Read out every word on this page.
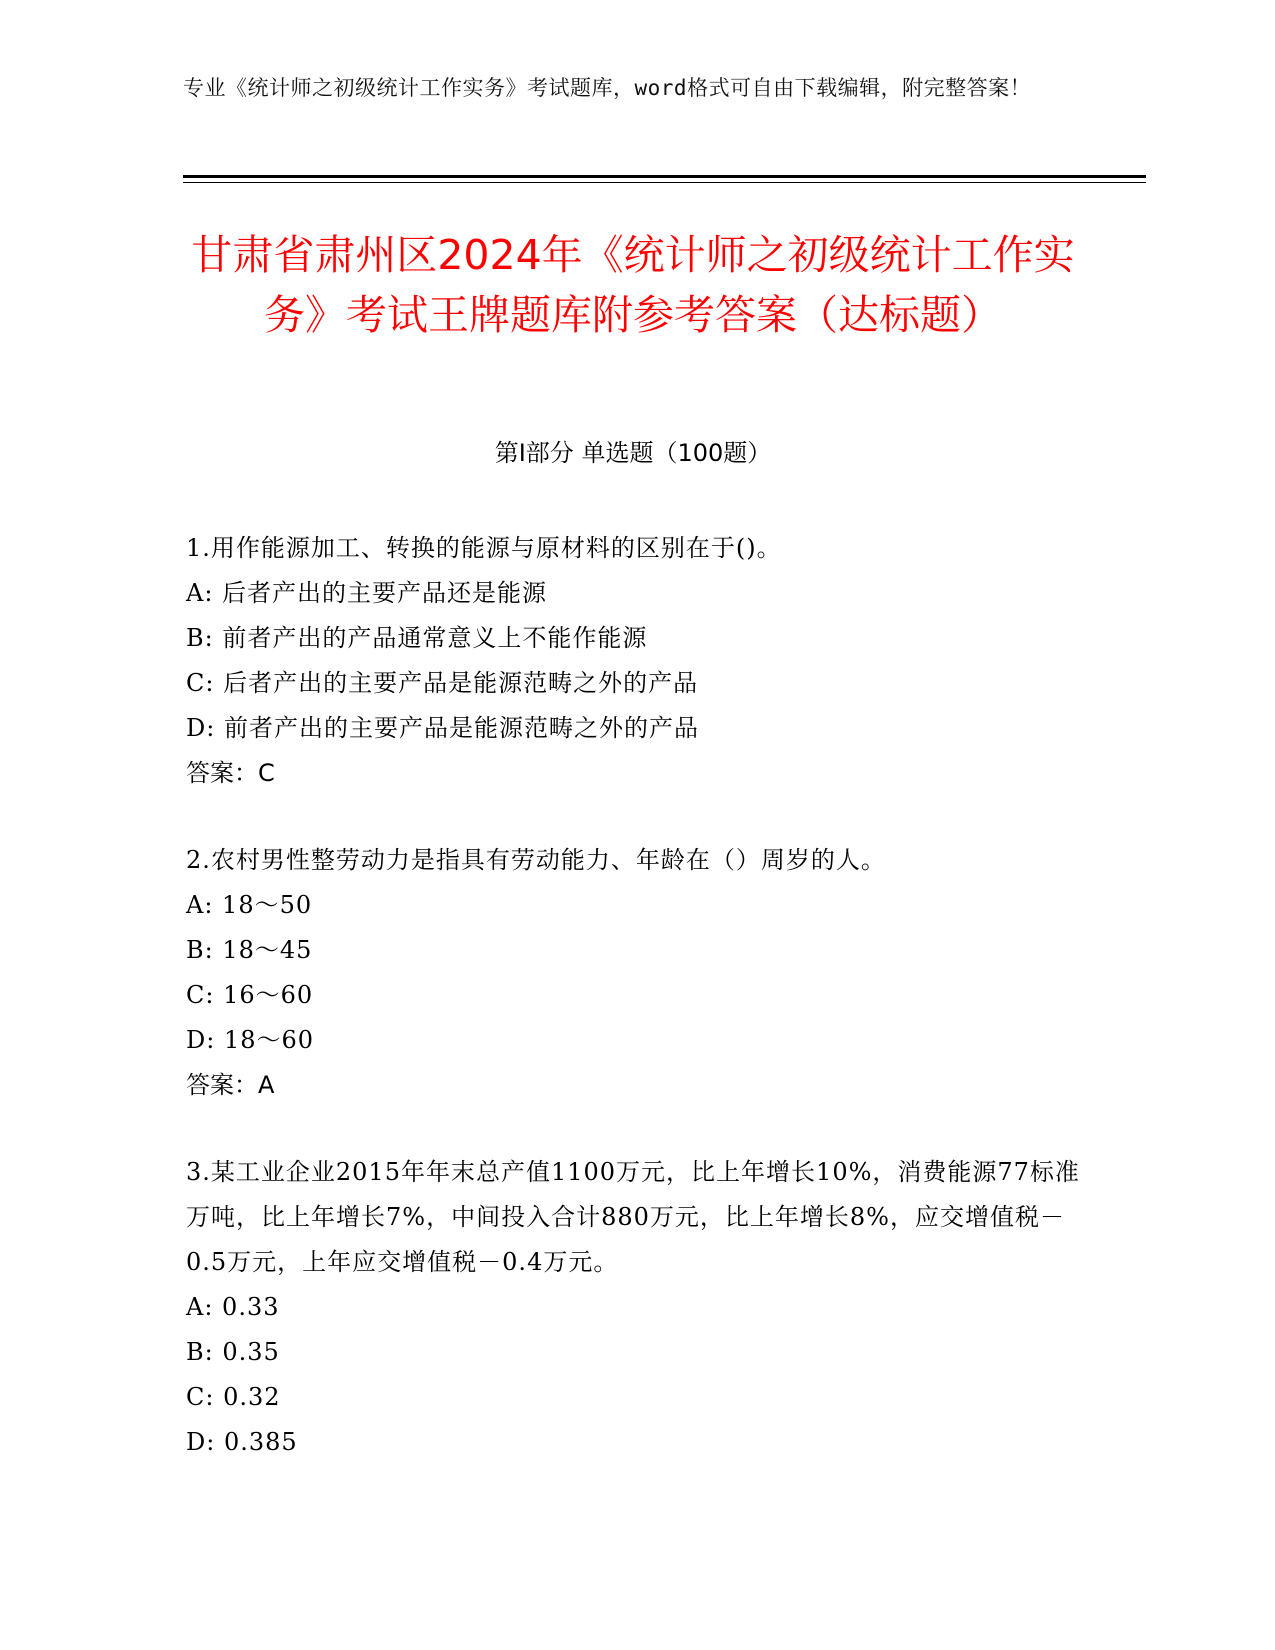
专业《统计师之初级统计工作实务》考试题库，word格式可自由下载编辑，附完整答案！
甘肃省肃州区2024年《统计师之初级统计工作实务》考试王牌题库附参考答案（达标题）
第Ⅰ部分 单选题（100题）
1.用作能源加工、转换的能源与原材料的区别在于()。
A: 后者产出的主要产品还是能源
B: 前者产出的产品通常意义上不能作能源
C: 后者产出的主要产品是能源范畴之外的产品
D: 前者产出的主要产品是能源范畴之外的产品
答案：C
2.农村男性整劳动力是指具有劳动能力、年龄在（）周岁的人。
A: 18～50
B: 18～45
C: 16～60
D: 18～60
答案：A
3.某工业企业2015年年末总产值1100万元，比上年增长10%，消费能源77标准万吨，比上年增长7%，中间投入合计880万元，比上年增长8%，应交增值税－0.5万元，上年应交增值税－0.4万元。
A: 0.33
B: 0.35
C: 0.32
D: 0.385
